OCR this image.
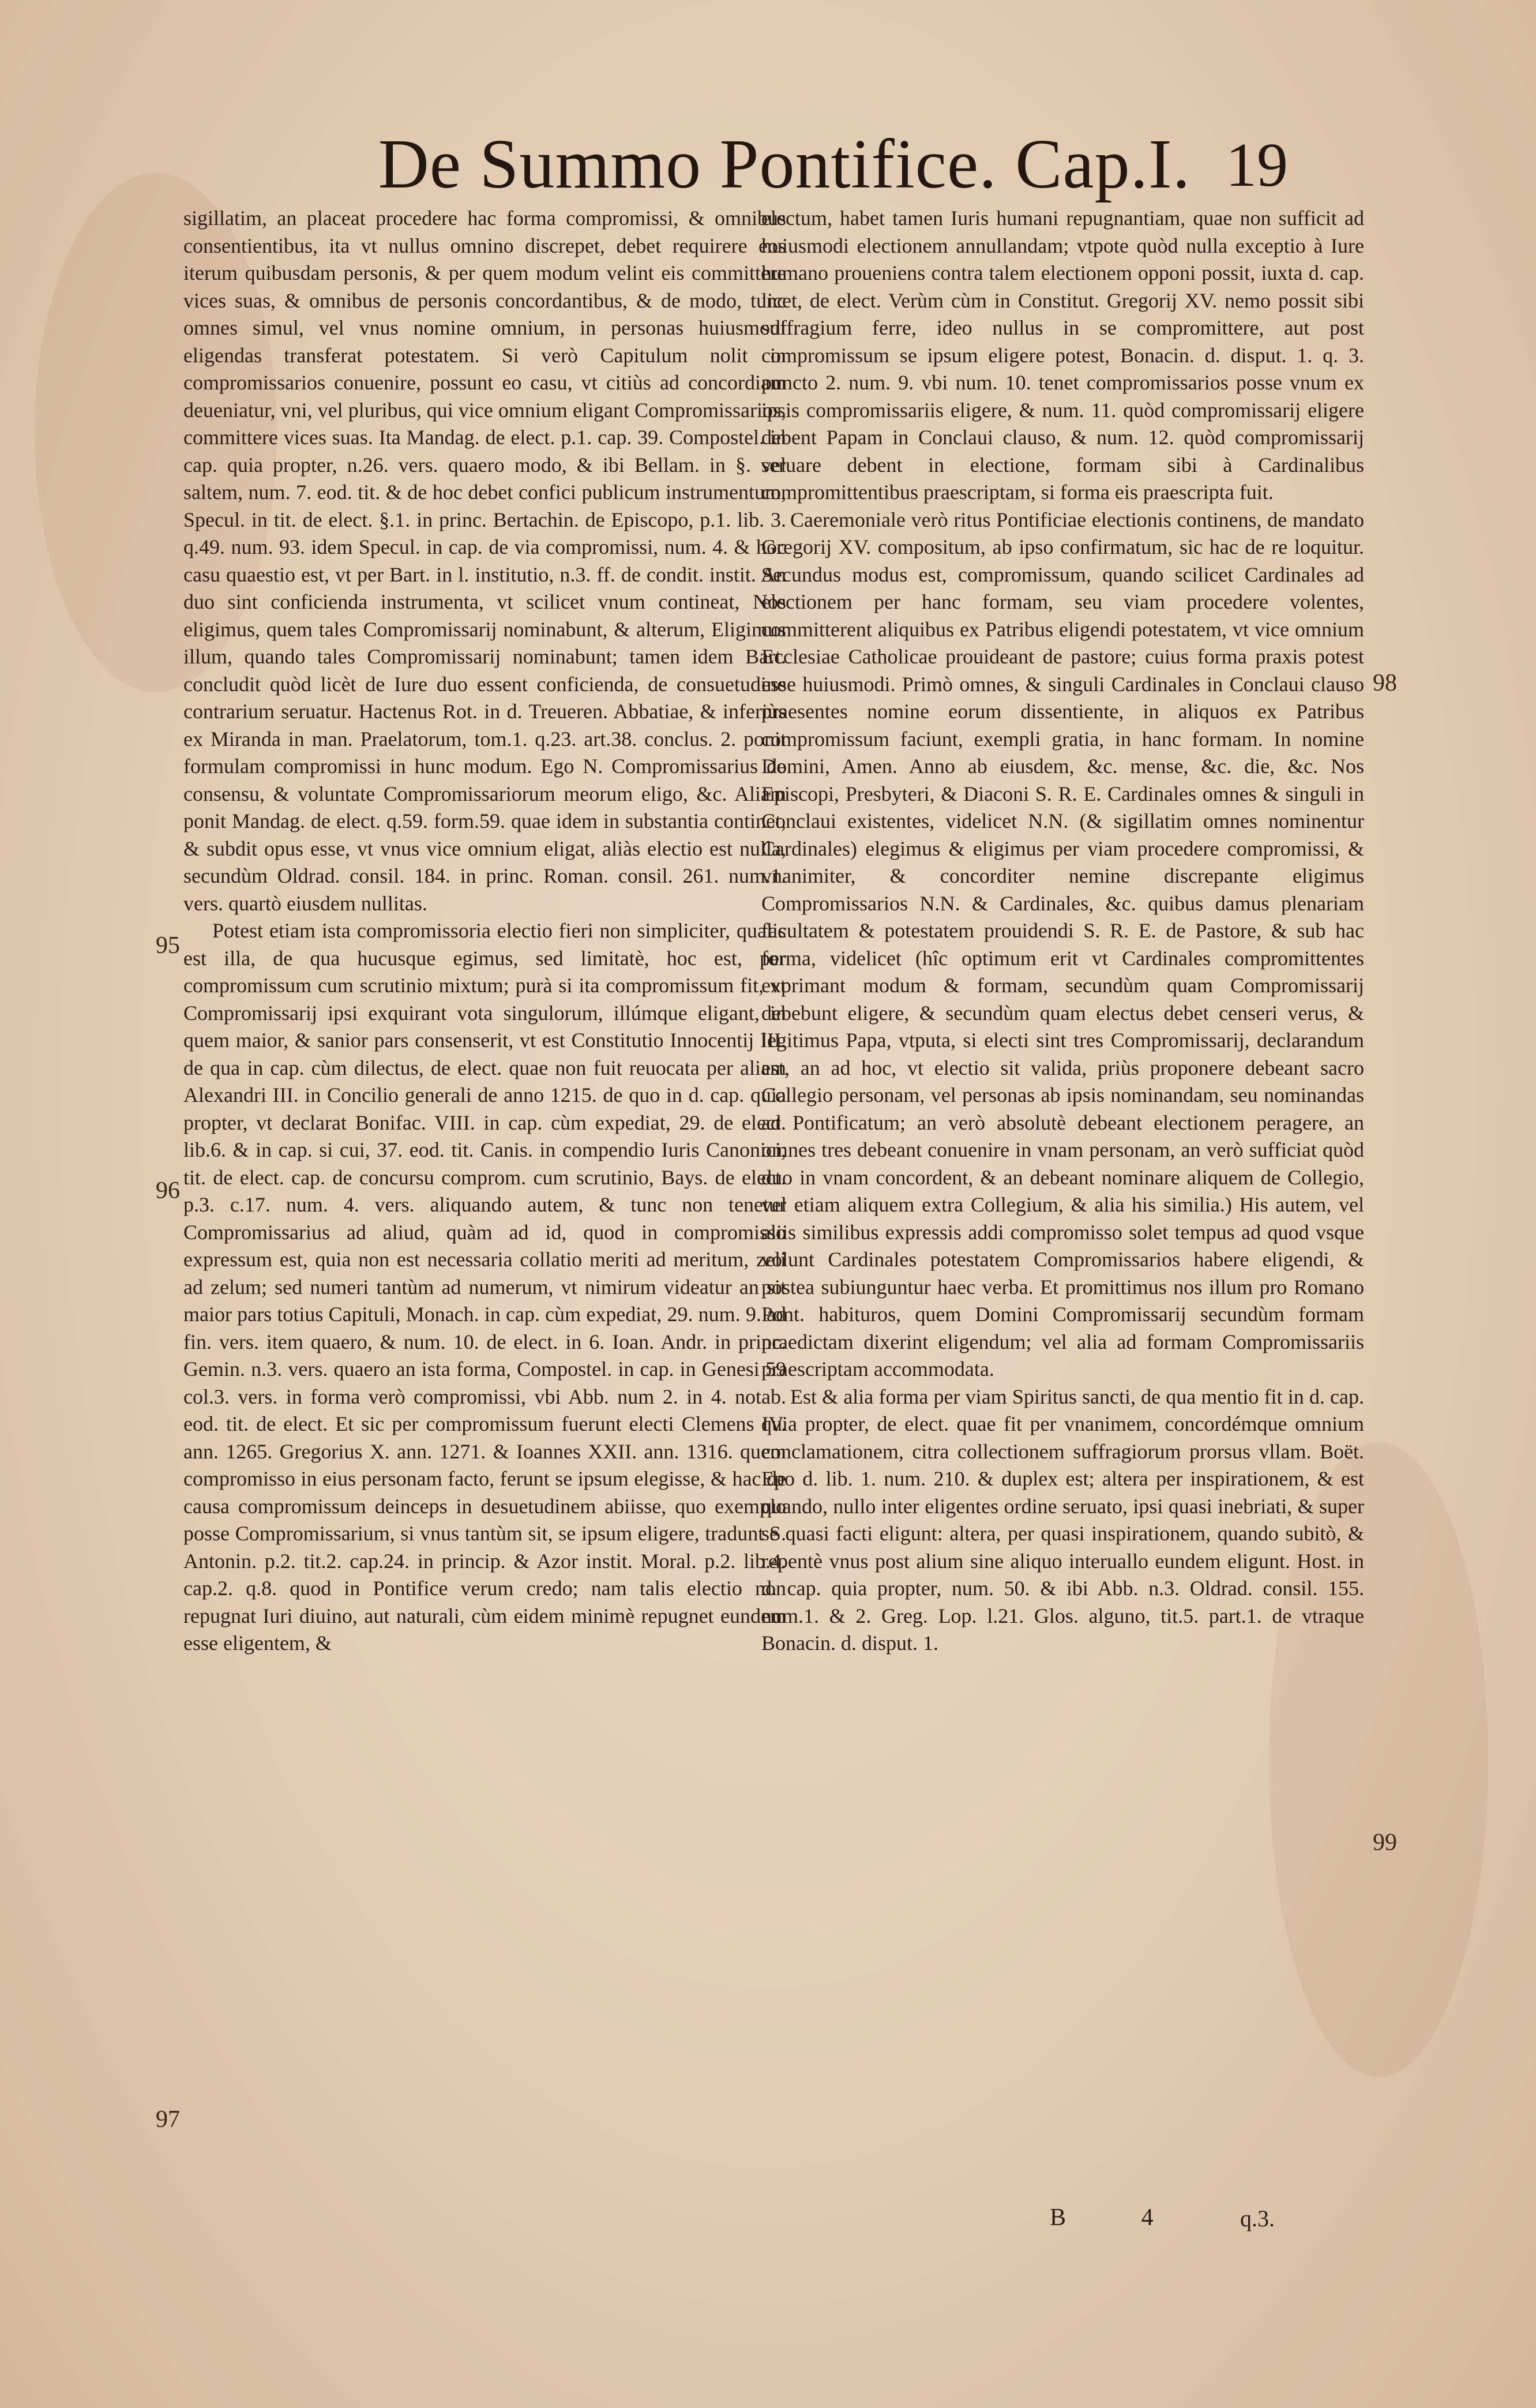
De Summo Pontifice. Cap.I. 19

sigillatim, an placeat procedere hac forma compromissi, & omnibus consentientibus, ita vt nullus omnino discrepet, debet requirere eos iterum quibusdam personis, & per quem modum velint eis committere vices suas, & omnibus de personis concordantibus, & de modo, tunc omnes simul, vel vnus nomine omnium, in personas huiusmodi eligendas transferat potestatem. Si verò Capitulum nolit in compromissarios conuenire, possunt eo casu, vt citiùs ad concordiam deueniatur, vni, vel pluribus, qui vice omnium eligant Compromissarios, committere vices suas. Ita Mandag. de elect. p.1. cap. 39. Compostel. in cap. quia propter, n.26. vers. quaero modo, & ibi Bellam. in §. vel saltem, num. 7. eod. tit. & de hoc debet confici publicum instrumentum, Specul. in tit. de elect. §.1. in princ. Bertachin. de Episcopo, p.1. lib. 3. q.49. num. 93. idem Specul. in cap. de via compromissi, num. 4. & hoc casu quaestio est, vt per Bart. in l. institutio, n.3. ff. de condit. instit. An duo sint conficienda instrumenta, vt scilicet vnum contineat, Nos eligimus, quem tales Compromissarij nominabunt, & alterum, Eligimus illum, quando tales Compromissarij nominabunt; tamen idem Bart. concludit quòd licèt de Iure duo essent conficienda, de consuetudine contrarium seruatur. Hactenus Rot. in d. Treueren. Abbatiae, & inferiùs ex Miranda in man. Praelatorum, tom.1. q.23. art.38. conclus. 2. ponit formulam compromissi in hunc modum. Ego N. Compromissarius de consensu, & voluntate Compromissariorum meorum eligo, &c. Aliam ponit Mandag. de elect. q.59. form.59. quae idem in substantia continet, & subdit opus esse, vt vnus vice omnium eligat, aliàs electio est nulla, secundùm Oldrad. consil. 184. in princ. Roman. consil. 261. num.1. vers. quartò eiusdem nullitas.

Potest etiam ista compromissoria electio fieri non simpliciter, qualis est illa, de qua hucusque egimus, sed limitatè, hoc est, per compromissum cum scrutinio mixtum; purà si ita compromissum fit, vt Compromissarij ipsi exquirant vota singulorum, illúmque eligant, in quem maior, & sanior pars consenserit, vt est Constitutio Innocentij III. de qua in cap. cùm dilectus, de elect. quae non fuit reuocata per aliam Alexandri III. in Concilio generali de anno 1215. de quo in d. cap. quia propter, vt declarat Bonifac. VIII. in cap. cùm expediat, 29. de elect. lib.6. & in cap. si cui, 37. eod. tit. Canis. in compendio Iuris Canonici, tit. de elect. cap. de concursu comprom. cum scrutinio, Bays. de elect. p.3. c.17. num. 4. vers. aliquando autem, & tunc non tenetur Compromissarius ad aliud, quàm ad id, quod in compromisso expressum est, quia non est necessaria collatio meriti ad meritum, zeli ad zelum; sed numeri tantùm ad numerum, vt nimirum videatur an sit maior pars totius Capituli, Monach. in cap. cùm expediat, 29. num. 9. ad fin. vers. item quaero, & num. 10. de elect. in 6. Ioan. Andr. in princ. Gemin. n.3. vers. quaero an ista forma, Compostel. in cap. in Genesi 59 col.3. vers. in forma verò compromissi, vbi Abb. num 2. in 4. notab. eod. tit. de elect. Et sic per compromissum fuerunt electi Clemens IV. ann. 1265. Gregorius X. ann. 1271. & Ioannes XXII. ann. 1316. quem compromisso in eius personam facto, ferunt se ipsum elegisse, & hac de causa compromissum deinceps in desuetudinem abiisse, quo exemplo posse Compromissarium, si vnus tantùm sit, se ipsum eligere, tradunt S. Antonin. p.2. tit.2. cap.24. in princip. & Azor instit. Moral. p.2. lib.4. cap.2. q.8. quod in Pontifice verum credo; nam talis electio non repugnat Iuri diuino, aut naturali, cùm eidem minimè repugnet eundem esse eligentem, &

electum, habet tamen Iuris humani repugnantiam, quae non sufficit ad huiusmodi electionem annullandam; vtpote quòd nulla exceptio à Iure humano proueniens contra talem electionem opponi possit, iuxta d. cap. licet, de elect. Verùm cùm in Constitut. Gregorij XV. nemo possit sibi suffragium ferre, ideo nullus in se compromittere, aut post compromissum se ipsum eligere potest, Bonacin. d. disput. 1. q. 3. puncto 2. num. 9. vbi num. 10. tenet compromissarios posse vnum ex ipsis compromissariis eligere, & num. 11. quòd compromissarij eligere debent Papam in Conclaui clauso, & num. 12. quòd compromissarij seruare debent in electione, formam sibi à Cardinalibus compromittentibus praescriptam, si forma eis praescripta fuit.

Caeremoniale verò ritus Pontificiae electionis continens, de mandato Gregorij XV. compositum, ab ipso confirmatum, sic hac de re loquitur. Secundus modus est, compromissum, quando scilicet Cardinales ad electionem per hanc formam, seu viam procedere volentes, committerent aliquibus ex Patribus eligendi potestatem, vt vice omnium Ecclesiae Catholicae prouideant de pastore; cuius forma praxis potest esse huiusmodi. Primò omnes, & singuli Cardinales in Conclaui clauso praesentes nomine eorum dissentiente, in aliquos ex Patribus compromissum faciunt, exempli gratia, in hanc formam. In nomine Domini, Amen. Anno ab eiusdem, &c. mense, &c. die, &c. Nos Episcopi, Presbyteri, & Diaconi S. R. E. Cardinales omnes & singuli in Conclaui existentes, videlicet N.N. (& sigillatim omnes nominentur Cardinales) elegimus & eligimus per viam procedere compromissi, & vnanimiter, & concorditer nemine discrepante eligimus Compromissarios N.N. & Cardinales, &c. quibus damus plenariam facultatem & potestatem prouidendi S. R. E. de Pastore, & sub hac forma, videlicet (hîc optimum erit vt Cardinales compromittentes exprimant modum & formam, secundùm quam Compromissarij debebunt eligere, & secundùm quam electus debet censeri verus, & legitimus Papa, vtputa, si electi sint tres Compromissarij, declarandum est, an ad hoc, vt electio sit valida, priùs proponere debeant sacro Collegio personam, vel personas ab ipsis nominandam, seu nominandas ad Pontificatum; an verò absolutè debeant electionem peragere, an omnes tres debeant conuenire in vnam personam, an verò sufficiat quòd duo in vnam concordent, & an debeant nominare aliquem de Collegio, vel etiam aliquem extra Collegium, & alia his similia.) His autem, vel aliis similibus expressis addi compromisso solet tempus ad quod vsque volunt Cardinales potestatem Compromissarios habere eligendi, & postea subiunguntur haec verba. Et promittimus nos illum pro Romano Pont. habituros, quem Domini Compromissarij secundùm formam praedictam dixerint eligendum; vel alia ad formam Compromissariis praescriptam accommodata.

Est & alia forma per viam Spiritus sancti, de qua mentio fit in d. cap. quia propter, de elect. quae fit per vnanimem, concordémque omnium conclamationem, citra collectionem suffragiorum prorsus vllam. Boët. Epo d. lib. 1. num. 210. & duplex est; altera per inspirationem, & est quando, nullo inter eligentes ordine seruato, ipsi quasi inebriati, & super se quasi facti eligunt: altera, per quasi inspirationem, quando subitò, & repentè vnus post alium sine aliquo interuallo eundem eligunt. Host. in d. cap. quia propter, num. 50. & ibi Abb. n.3. Oldrad. consil. 155. num.1. & 2. Greg. Lop. l.21. Glos. alguno, tit.5. part.1. de vtraque Bonacin. d. disput. 1.

95
96
97
98
99
B 4 q.3.
